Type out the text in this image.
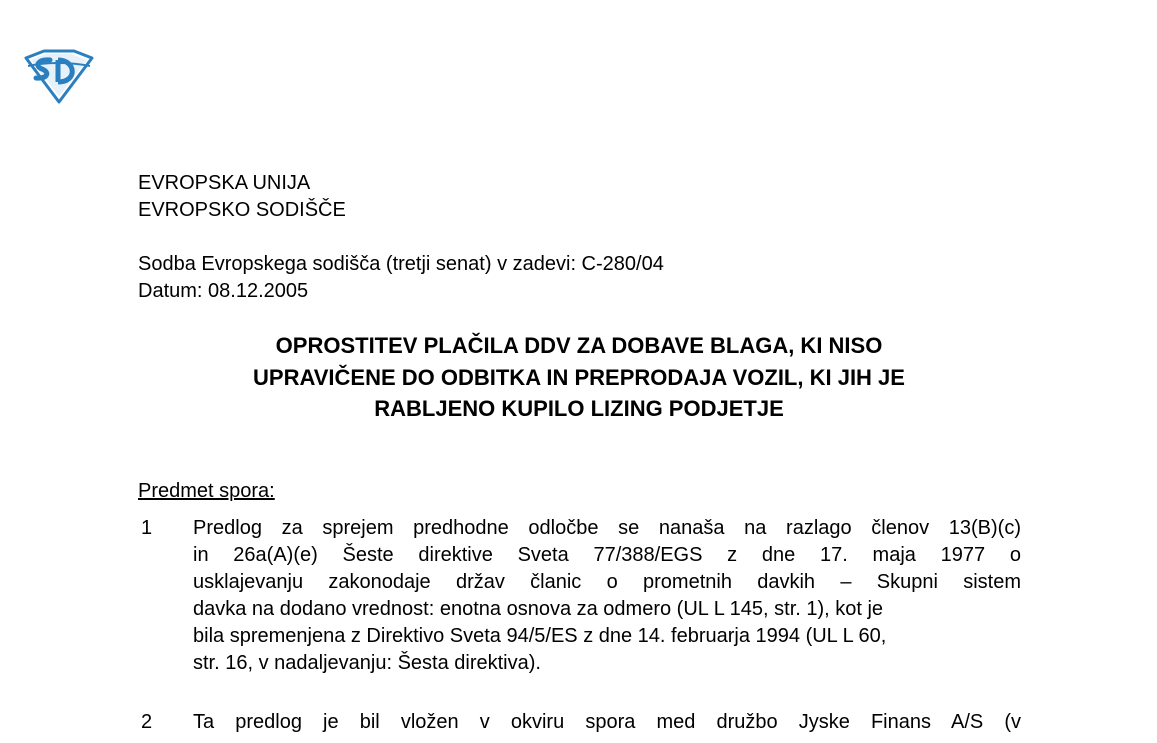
EVROPSKA UNIJA
EVROPSKO SODIŠČE
Sodba Evropskega sodišča (tretji senat) v zadevi: C-280/04
Datum: 08.12.2005
OPROSTITEV PLAČILA DDV ZA DOBAVE BLAGA, KI NISO
UPRAVIČENE DO ODBITKA IN PREPRODAJA VOZIL, KI JIH JE
RABLJENO KUPILO LIZING PODJETJE
Predmet spora:
1 Predlog za sprejem predhodne odločbe se nanaša na razlago členov 13(B)(c)
in 26a(A)(e) Šeste direktive Sveta 77/388/EGS z dne 17. maja 1977 o
usklajevanju zakonodaje držav članic o prometnih davkih – Skupni sistem
davka na dodano vrednost: enotna osnova za odmero (UL L 145, str. 1), kot je
bila spremenjena z Direktivo Sveta 94/5/ES z dne 14. februarja 1994 (UL L 60,
str. 16, v nadaljevanju: Šesta direktiva).
2 Ta predlog je bil vložen v okviru spora med družbo Jyske Finans A/S (v
